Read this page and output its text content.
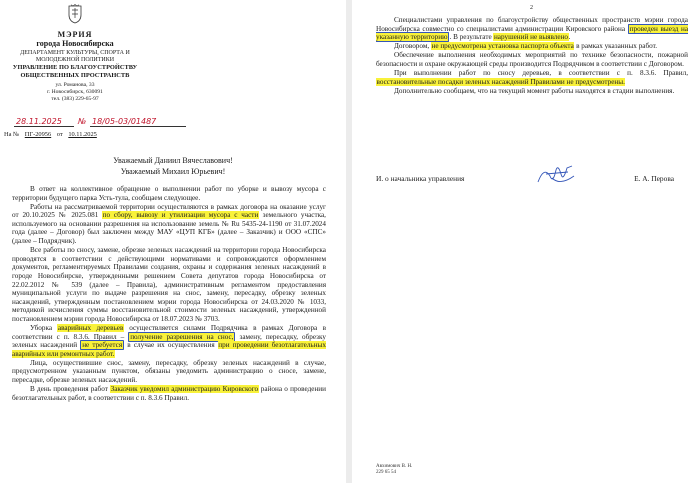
МЭРИЯ
города Новосибирска
ДЕПАРТАМЕНТ КУЛЬТУРЫ, СПОРТА И МОЛОДЕЖНОЙ ПОЛИТИКИ
УПРАВЛЕНИЕ ПО БЛАГОУСТРОЙСТВУ ОБЩЕСТВЕННЫХ ПРОСТРАНСТВ
ул. Романова, 33
г. Новосибирск, 630091
тел. (383) 229-65-97
28.11.2025 № 18/05-03/01487
На № ПГ-20956 от 10.11.2025
Уважаемый Даниил Вячеславович!
Уважаемый Михаил Юрьевич!

В ответ на коллективное обращение о выполнении работ по уборке и вывозу мусора с территории будущего парка Усть-тула, сообщаем следующее.

Работы на рассматриваемой территории осуществляются в рамках договора на оказание услуг от 20.10.2025 № 2025.081 по сбору, вывозу и утилизации мусора с части земельного участка, используемого на основании разрешения на использование земель № Ru 5435-24-1190 от 31.07.2024 года (далее – Договор) был заключен между МАУ «ЦУП КГБ» (далее – Заказчик) и ООО «СПС» (далее – Подрядчик).

Все работы по сносу, замене, обрезке зеленых насаждений на территории города Новосибирска проводятся в соответствии с действующими нормативами и сопровождаются оформлением документов, регламентируемых Правилами создания, охраны и содержания зеленых насаждений в городе Новосибирске, утвержденными решением Совета депутатов города Новосибирска от 22.02.2012 № 539 (далее – Правила), административным регламентом предоставления муниципальной услуги по выдаче разрешения на снос, замену, пересадку, обрезку зеленых насаждений, утвержденным постановлением мэрии города Новосибирска от 24.03.2020 № 1033, методикой исчисления суммы восстановительной стоимости зеленых насаждений, утвержденной постановлением мэрии города Новосибирска от 18.07.2023 № 3703.

Уборка аварийных деревьев осуществляется силами Подрядчика в рамках Договора в соответствии с п. 8.3.6. Правил – получение разрешения на снос, замену, пересадку, обрезку зеленых насаждений не требуется в случае их осуществления при проведении безотлагательных аварийных или ремонтных работ.

Лица, осуществившие снос, замену, пересадку, обрезку зеленых насаждений в случае, предусмотренном указанным пунктом, обязаны уведомить администрацию о сносе, замене, пересадке, обрезке зеленых насаждений.

В день проведения работ Заказчик уведомил администрацию Кировского района о проведении безотлагательных работ, в соответствии с п. 8.3.6 Правил.

2

Специалистами управления по благоустройству общественных пространств мэрии города Новосибирска совместно со специалистами администрации Кировского района проведен выезд на указанную территорию . В результате нарушений не выявлено.

Договором, не предусмотрена установка паспорта объекта в рамках указанных работ.

Обеспечение выполнения необходимых мероприятий по технике безопасности, пожарной безопасности и охране окружающей среды производится Подрядчиком в соответствии с Договором.

При выполнении работ по сносу деревьев, в соответствии с п. 8.3.6. Правил, восстановительные посадки зеленых насаждений Правилами не предусмотрены.

Дополнительно сообщаем, что на текущий момент работы находятся в стадии выполнения.

И. о начальника управления	Е. А. Перова
Авхимович В. Н.
229 65 54
